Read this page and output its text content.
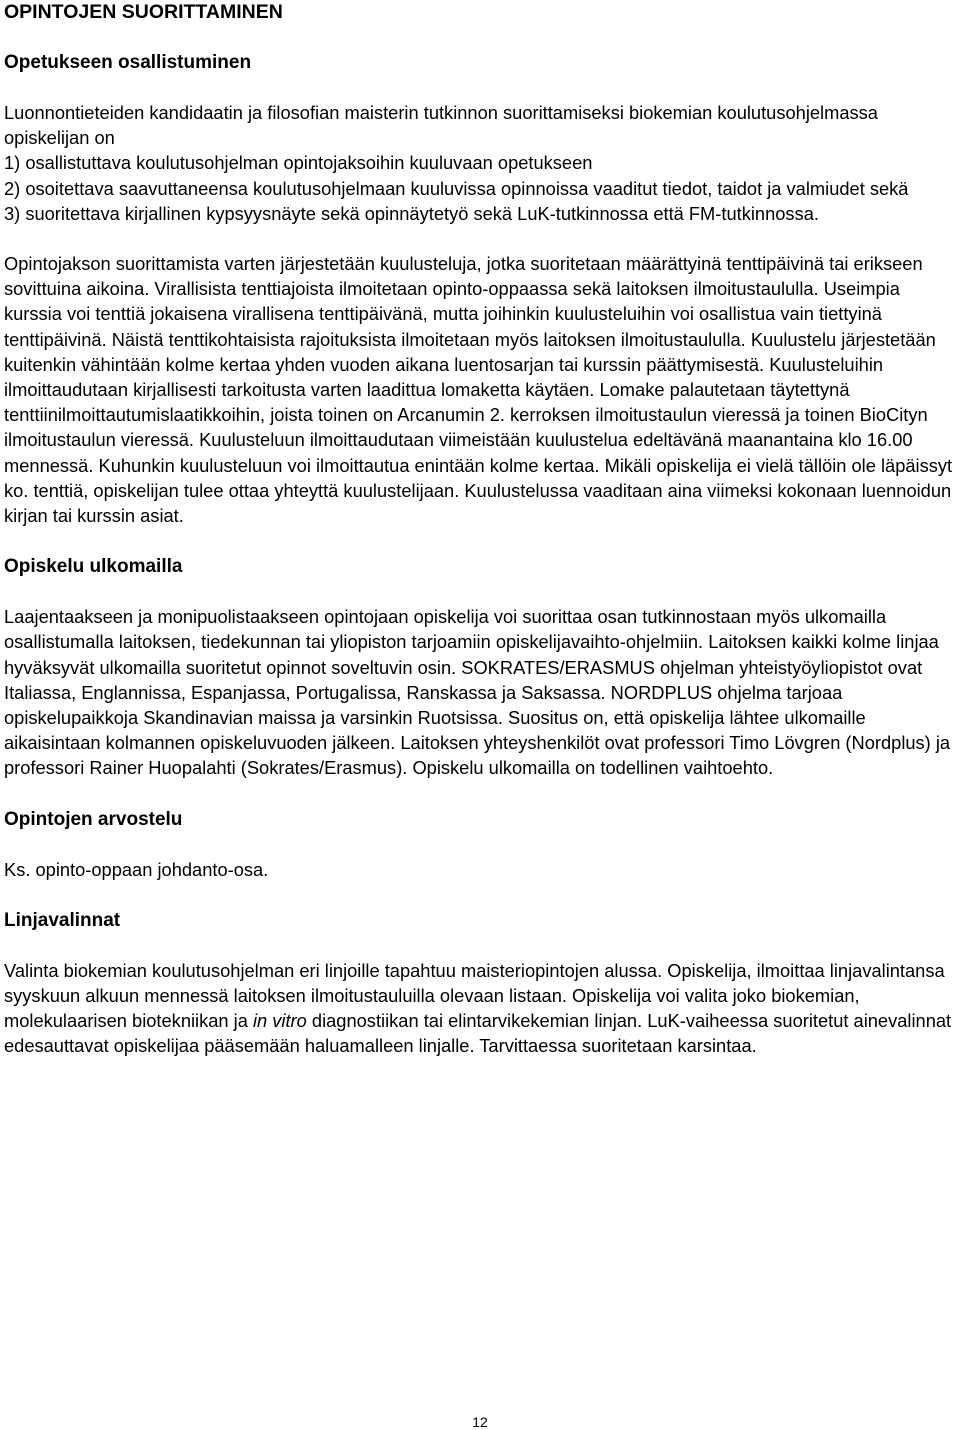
OPINTOJEN SUORITTAMINEN
Opetukseen osallistuminen

Luonnontieteiden kandidaatin ja filosofian maisterin tutkinnon suorittamiseksi biokemian koulutusohjelmassa opiskelijan on

1) osallistuttava koulutusohjelman opintojaksoihin kuuluvaan opetukseen
2) osoitettava saavuttaneensa koulutusohjelmaan kuuluvissa opinnoissa vaaditut tiedot, taidot ja valmiudet sekä
3) suoritettava kirjallinen kypsyysnäyte sekä opinnäytetyö sekä LuK-tutkinnossa että FM-tutkinnossa.

Opintojakson suorittamista varten järjestetään kuulusteluja, jotka suoritetaan määrättyinä tenttipäivinä tai erikseen sovittuina aikoina. Virallisista tenttiajoista ilmoitetaan opinto-oppaassa sekä laitoksen ilmoitustaululla. Useimpia kurssia voi tenttiä jokaisena virallisena tenttipäivänä, mutta joihinkin kuulusteluihin voi osallistua vain tiettyinä tenttipäivinä. Näistä tenttikohtaisista rajoituksista ilmoitetaan myös laitoksen ilmoitustaululla. Kuulustelu järjestetään kuitenkin vähintään kolme kertaa yhden vuoden aikana luentosarjan tai kurssin päättymisestä. Kuulusteluihin ilmoittaudutaan kirjallisesti tarkoitusta varten laadittua lomaketta käytäen. Lomake palautetaan täytettynä tenttiinilmoittautumislaatikkoihin, joista toinen on Arcanumin 2. kerroksen ilmoitustaulun vieressä ja toinen BioCityn ilmoitustaulun vieressä. Kuulusteluun ilmoittaudutaan viimeistään kuulustelua edeltävänä maanantaina klo 16.00 mennessä. Kuhunkin kuulusteluun voi ilmoittautua enintään kolme kertaa. Mikäli opiskelija ei vielä tällöin ole läpäissyt ko. tenttiä, opiskelijan tulee ottaa yhteyttä kuulustelijaan. Kuulustelussa vaaditaan aina viimeksi kokonaan luennoidun kirjan tai kurssin asiat.

Opiskelu ulkomailla

Laajentaakseen ja monipuolistaakseen opintojaan opiskelija voi suorittaa osan tutkinnostaan myös ulkomailla osallistumalla laitoksen, tiedekunnan tai yliopiston tarjoamiin opiskelijavaihto-ohjelmiin. Laitoksen kaikki kolme linjaa hyväksyvät ulkomailla suoritetut opinnot soveltuvin osin. SOKRATES/ERASMUS ohjelman yhteistyöyliopistot ovat Italiassa, Englannissa, Espanjassa, Portugalissa, Ranskassa ja Saksassa. NORDPLUS ohjelma tarjoaa opiskelupaikkoja Skandinavian maissa ja varsinkin Ruotsissa. Suositus on, että opiskelija lähtee ulkomaille aikaisintaan kolmannen opiskeluvuoden jälkeen. Laitoksen yhteyshenkilöt ovat professori Timo Lövgren (Nordplus) ja professori Rainer Huopalahti (Sokrates/Erasmus). Opiskelu ulkomailla on todellinen vaihtoehto.

Opintojen arvostelu

Ks. opinto-oppaan johdanto-osa.

Linjavalinnat

Valinta biokemian koulutusohjelman eri linjoille tapahtuu maisteriopintojen alussa. Opiskelija, ilmoittaa linjavalintansa syyskuun alkuun mennessä laitoksen ilmoitustauluilla olevaan listaan. Opiskelija voi valita joko biokemian, molekulaarisen biotekniikan ja in vitro diagnostiikan tai elintarvikekemian linjan. LuK-vaiheessa suoritetut ainevalinnat edesauttavat opiskelijaa pääsemään haluamalleen linjalle. Tarvittaessa suoritetaan karsintaa.

12
